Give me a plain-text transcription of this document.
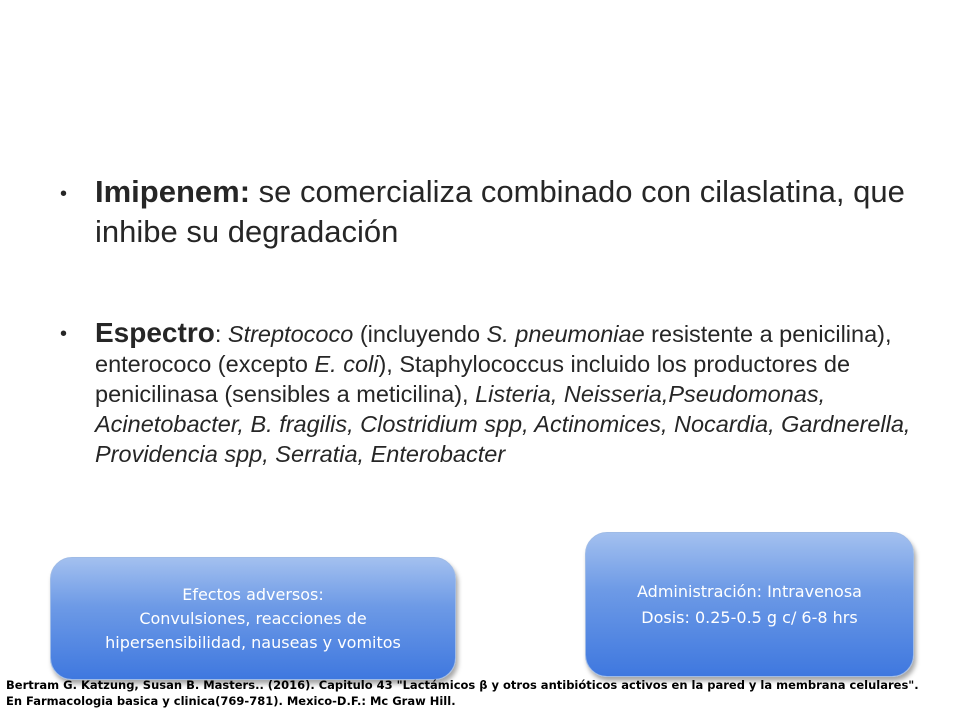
• Imipenem: se comercializa combinado con cilaslatina, que inhibe su degradación
• Espectro: Streptococo (incluyendo S. pneumoniae resistente a penicilina), enterococo (excepto E. coli), Staphylococcus incluido los productores de penicilinasa (sensibles a meticilina), Listeria, Neisseria,Pseudomonas, Acinetobacter, B. fragilis, Clostridium spp, Actinomices, Nocardia, Gardnerella, Providencia spp, Serratia, Enterobacter
Efectos adversos:
Convulsiones, reacciones de
hipersensibilidad, nauseas y vomitos
Administración: Intravenosa
Dosis: 0.25-0.5 g c/ 6-8 hrs
Bertram G. Katzung, Susan B. Masters.. (2016). Capitulo 43 "Lactámicos β y otros antibióticos activos en la pared y la membrana celulares".
En Farmacologia basica y clinica(769-781). Mexico-D.F.: Mc Graw Hill.
